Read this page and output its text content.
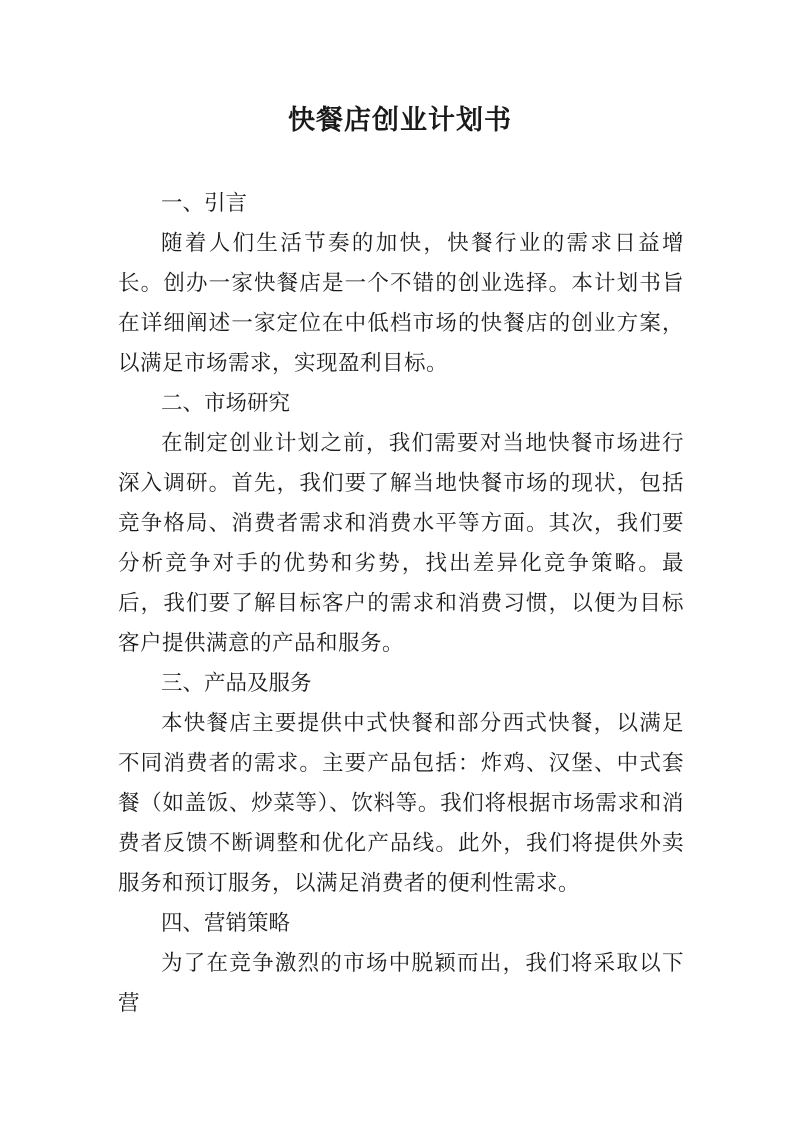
快餐店创业计划书
一、引言

随着人们生活节奏的加快，快餐行业的需求日益增长。创办一家快餐店是一个不错的创业选择。本计划书旨在详细阐述一家定位在中低档市场的快餐店的创业方案，以满足市场需求，实现盈利目标。

二、市场研究

在制定创业计划之前，我们需要对当地快餐市场进行深入调研。首先，我们要了解当地快餐市场的现状，包括竞争格局、消费者需求和消费水平等方面。其次，我们要分析竞争对手的优势和劣势，找出差异化竞争策略。最后，我们要了解目标客户的需求和消费习惯，以便为目标客户提供满意的产品和服务。

三、产品及服务

本快餐店主要提供中式快餐和部分西式快餐，以满足不同消费者的需求。主要产品包括：炸鸡、汉堡、中式套餐（如盖饭、炒菜等）、饮料等。我们将根据市场需求和消费者反馈不断调整和优化产品线。此外，我们将提供外卖服务和预订服务，以满足消费者的便利性需求。

四、营销策略

为了在竞争激烈的市场中脱颖而出，我们将采取以下营
